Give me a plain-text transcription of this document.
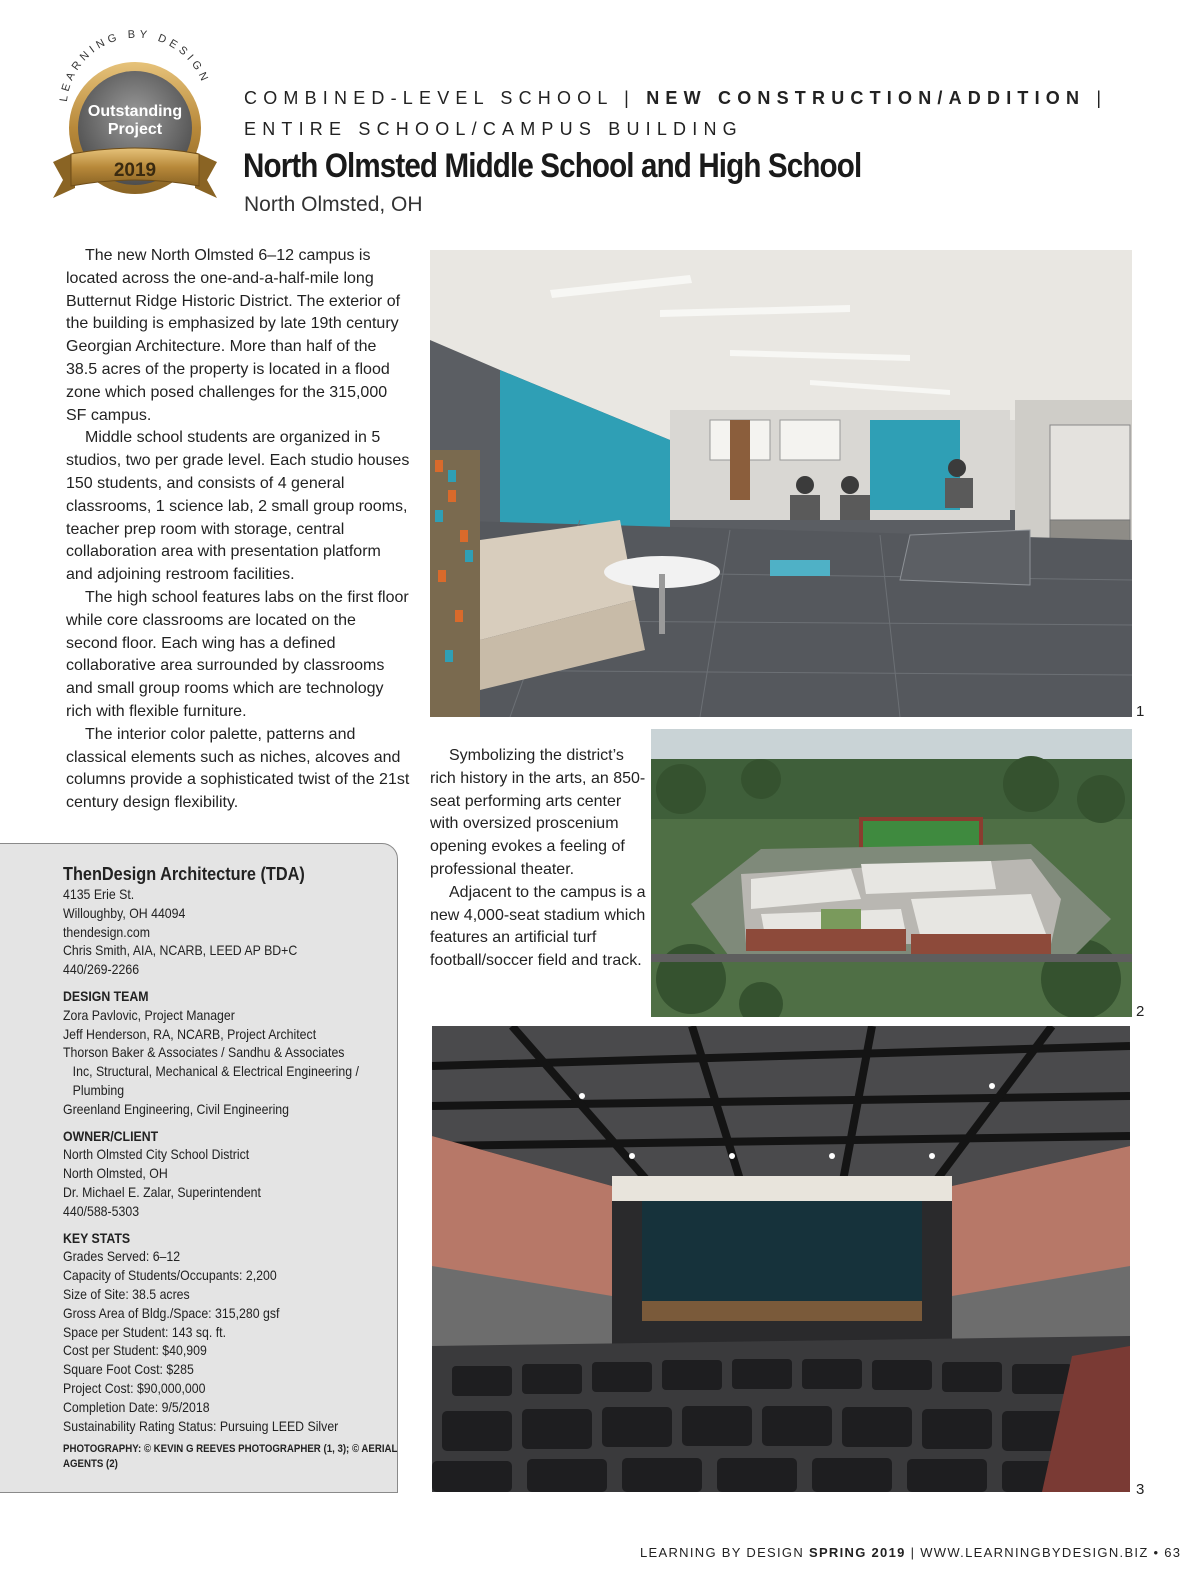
LEARNING BY DESIGN
Outstanding
Project
2019
COMBINED-LEVEL SCHOOL | NEW CONSTRUCTION/ADDITION |
ENTIRE SCHOOL/CAMPUS BUILDING
North Olmsted Middle School and High School
North Olmsted, OH

The new North Olmsted 6–12 campus is located across the one-and-a-half-mile long Butternut Ridge Historic District. The exterior of the building is emphasized by late 19th century Georgian Architecture. More than half of the 38.5 acres of the property is located in a flood zone which posed challenges for the 315,000 SF campus.

Middle school students are organized in 5 studios, two per grade level. Each studio houses 150 students, and consists of 4 general classrooms, 1 science lab, 2 small group rooms, teacher prep room with storage, central collaboration area with presentation platform and adjoining restroom facilities.

The high school features labs on the first floor while core classrooms are located on the second floor. Each wing has a defined collaborative area surrounded by classrooms and small group rooms which are technology rich with flexible furniture.

The interior color palette, patterns and classical elements such as niches, alcoves and columns provide a sophisticated twist of the 21st century design flexibility.

1

Symbolizing the district’s rich history in the arts, an 850-seat performing arts center with oversized proscenium opening evokes a feeling of professional theater.

Adjacent to the campus is a new 4,000-seat stadium which features an artificial turf football/soccer field and track.

2
ThenDesign Architecture (TDA)
4135 Erie St.
Willoughby, OH 44094
thendesign.com
Chris Smith, AIA, NCARB, LEED AP BD+C
440/269-2266
DESIGN TEAM
Zora Pavlovic, Project Manager
Jeff Henderson, RA, NCARB, Project Architect
Thorson Baker & Associates / Sandhu & Associates
Inc, Structural, Mechanical & Electrical Engineering /
Plumbing
Greenland Engineering, Civil Engineering
OWNER/CLIENT
North Olmsted City School District
North Olmsted, OH
Dr. Michael E. Zalar, Superintendent
440/588-5303
KEY STATS
Grades Served: 6–12
Capacity of Students/Occupants: 2,200
Size of Site: 38.5 acres
Gross Area of Bldg./Space: 315,280 gsf
Space per Student: 143 sq. ft.
Cost per Student: $40,909
Square Foot Cost: $285
Project Cost: $90,000,000
Completion Date: 9/5/2018
Sustainability Rating Status: Pursuing LEED Silver
PHOTOGRAPHY: © KEVIN G REEVES PHOTOGRAPHER (1, 3); © AERIAL
AGENTS (2)
3
LEARNING BY DESIGN SPRING 2019 | WWW.LEARNINGBYDESIGN.BIZ • 63
